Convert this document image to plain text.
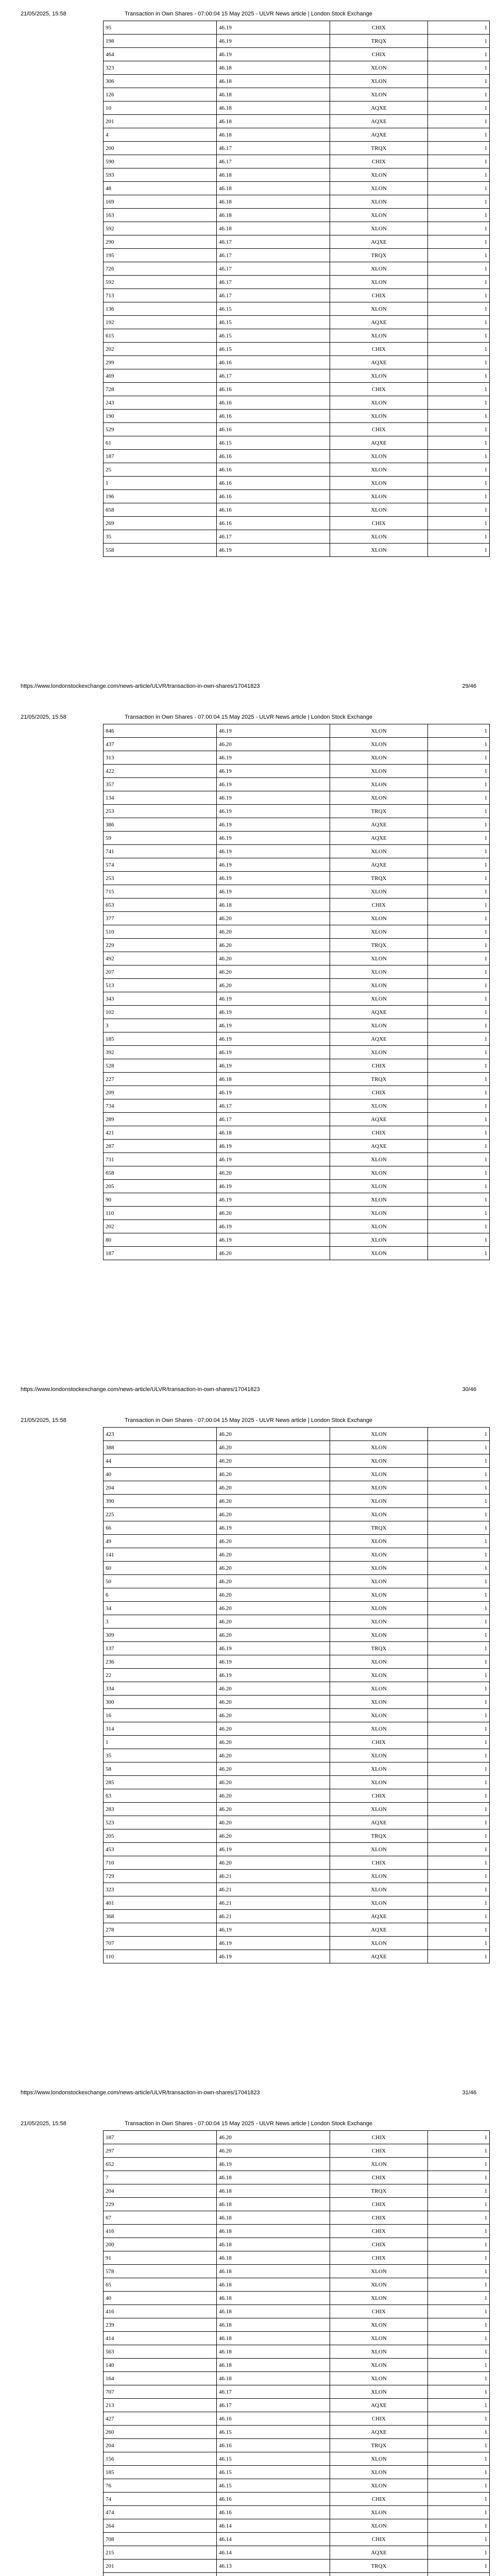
21/05/2025, 15:58	Transaction in Own Shares - 07:00:04 15 May 2025 - ULVR News article | London Stock Exchange
95	46.19	CHIX	1
198	46.19	TRQX	1
464	46.19	CHIX	1
323	46.18	XLON	1
306	46.18	XLON	1
126	46.18	XLON	1
10	46.18	AQXE	1
201	46.18	AQXE	1
4	46.18	AQXE	1
200	46.17	TRQX	1
590	46.17	CHIX	1
593	46.18	XLON	1
48	46.18	XLON	1
169	46.18	XLON	1
163	46.18	XLON	1
592	46.18	XLON	1
290	46.17	AQXE	1
195	46.17	TRQX	1
726	46.17	XLON	1
592	46.17	XLON	1
713	46.17	CHIX	1
136	46.15	XLON	1
192	46.15	AQXE	1
615	46.15	XLON	1
202	46.15	CHIX	1
299	46.16	AQXE	1
469	46.17	XLON	1
728	46.16	CHIX	1
243	46.16	XLON	1
190	46.16	XLON	1
529	46.16	CHIX	1
61	46.15	AQXE	1
187	46.16	XLON	1
25	46.16	XLON	1
1	46.16	XLON	1
196	46.16	XLON	1
658	46.16	XLON	1
269	46.16	CHIX	1
35	46.17	XLON	1
558	46.19	XLON	1
https://www.londonstockexchange.com/news-article/ULVR/transaction-in-own-shares/17041823	29/46
21/05/2025, 15:58	Transaction in Own Shares - 07:00:04 15 May 2025 - ULVR News article | London Stock Exchange
846	46.19	XLON	1
437	46.20	XLON	1
313	46.19	XLON	1
422	46.19	XLON	1
357	46.19	XLON	1
134	46.19	XLON	1
253	46.19	TRQX	1
386	46.19	AQXE	1
59	46.19	AQXE	1
741	46.19	XLON	1
574	46.19	AQXE	1
253	46.19	TRQX	1
715	46.19	XLON	1
653	46.18	CHIX	1
377	46.20	XLON	1
510	46.20	XLON	1
229	46.20	TRQX	1
492	46.20	XLON	1
207	46.20	XLON	1
513	46.20	XLON	1
343	46.19	XLON	1
102	46.19	AQXE	1
3	46.19	XLON	1
185	46.19	AQXE	1
392	46.19	XLON	1
528	46.19	CHIX	1
227	46.18	TRQX	1
209	46.19	CHIX	1
734	46.17	XLON	1
289	46.17	AQXE	1
421	46.18	CHIX	1
287	46.19	AQXE	1
731	46.19	XLON	1
658	46.20	XLON	1
205	46.19	XLON	1
90	46.19	XLON	1
110	46.20	XLON	1
202	46.19	XLON	1
80	46.19	XLON	1
187	46.20	XLON	1
https://www.londonstockexchange.com/news-article/ULVR/transaction-in-own-shares/17041823	30/46
21/05/2025, 15:58	Transaction in Own Shares - 07:00:04 15 May 2025 - ULVR News article | London Stock Exchange
423	46.20	XLON	1
388	46.20	XLON	1
44	46.20	XLON	1
40	46.20	XLON	1
204	46.20	XLON	1
390	46.20	XLON	1
225	46.20	XLON	1
66	46.19	TRQX	1
49	46.20	XLON	1
141	46.20	XLON	1
60	46.20	XLON	1
50	46.20	XLON	1
6	46.20	XLON	1
34	46.20	XLON	1
3	46.20	XLON	1
309	46.20	XLON	1
137	46.19	TRQX	1
236	46.19	XLON	1
22	46.19	XLON	1
334	46.20	XLON	1
300	46.20	XLON	1
16	46.20	XLON	1
314	46.20	XLON	1
1	46.20	CHIX	1
35	46.20	XLON	1
58	46.20	XLON	1
285	46.20	XLON	1
63	46.20	CHIX	1
283	46.20	XLON	1
523	46.20	AQXE	1
205	46.20	TRQX	1
453	46.19	XLON	1
710	46.20	CHIX	1
729	46.21	XLON	1
323	46.21	XLON	1
401	46.21	XLON	1
368	46.21	AQXE	1
278	46.19	AQXE	1
707	46.19	XLON	1
110	46.19	AQXE	1
https://www.londonstockexchange.com/news-article/ULVR/transaction-in-own-shares/17041823	31/46
21/05/2025, 15:58	Transaction in Own Shares - 07:00:04 15 May 2025 - ULVR News article | London Stock Exchange
187	46.20	CHIX	1
297	46.20	CHIX	1
652	46.19	XLON	1
7	46.18	CHIX	1
204	46.18	TRQX	1
229	46.18	CHIX	1
67	46.18	CHIX	1
416	46.18	CHIX	1
200	46.18	CHIX	1
91	46.18	CHIX	1
578	46.18	XLON	1
65	46.18	XLON	1
40	46.18	XLON	1
416	46.18	CHIX	1
239	46.18	XLON	1
414	46.18	XLON	1
563	46.18	XLON	1
140	46.18	XLON	1
164	46.18	XLON	1
707	46.17	XLON	1
213	46.17	AQXE	1
427	46.16	CHIX	1
260	46.15	AQXE	1
204	46.16	TRQX	1
156	46.15	XLON	1
185	46.15	XLON	1
76	46.15	XLON	1
74	46.16	CHIX	1
474	46.16	XLON	1
264	46.14	XLON	1
708	46.14	CHIX	1
215	46.14	AQXE	1
201	46.13	TRQX	1
